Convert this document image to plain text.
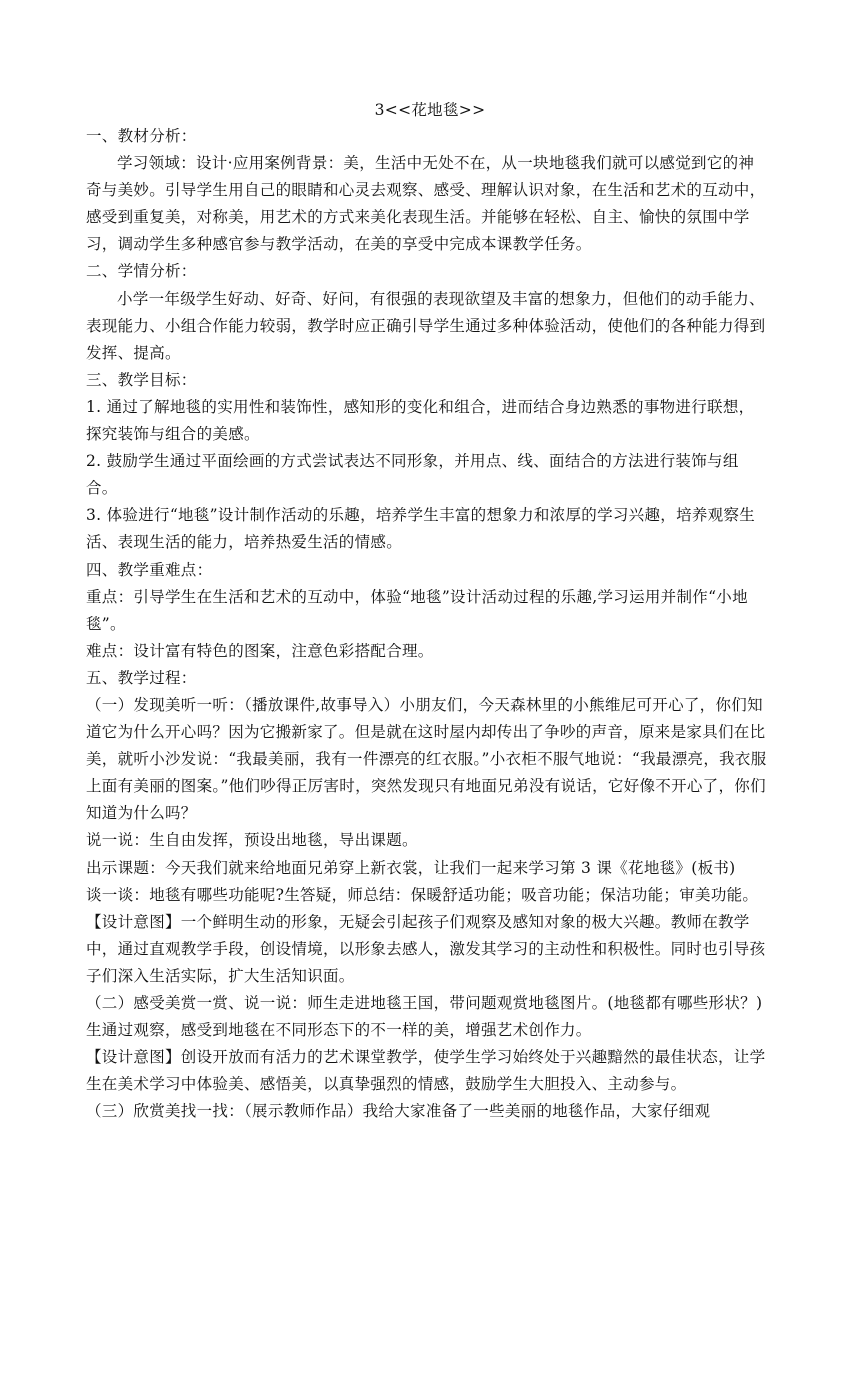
3<<花地毯>>

一、教材分析：

学习领域：设计·应用案例背景：美，生活中无处不在，从一块地毯我们就可以感觉到它的神奇与美妙。引导学生用自己的眼睛和心灵去观察、感受、理解认识对象，在生活和艺术的互动中，感受到重复美，对称美，用艺术的方式来美化表现生活。并能够在轻松、自主、愉快的氛围中学习，调动学生多种感官参与教学活动，在美的享受中完成本课教学任务。

二、学情分析：

小学一年级学生好动、好奇、好问，有很强的表现欲望及丰富的想象力，但他们的动手能力、表现能力、小组合作能力较弱，教学时应正确引导学生通过多种体验活动，使他们的各种能力得到发挥、提高。

三、教学目标：

1. 通过了解地毯的实用性和装饰性，感知形的变化和组合，进而结合身边熟悉的事物进行联想，探究装饰与组合的美感。

2. 鼓励学生通过平面绘画的方式尝试表达不同形象，并用点、线、面结合的方法进行装饰与组合。

3. 体验进行“地毯”设计制作活动的乐趣，培养学生丰富的想象力和浓厚的学习兴趣，培养观察生活、表现生活的能力，培养热爱生活的情感。

四、教学重难点：

重点：引导学生在生活和艺术的互动中，体验“地毯”设计活动过程的乐趣,学习运用并制作“小地毯”。

难点：设计富有特色的图案，注意色彩搭配合理。

五、教学过程：

（一）发现美听一听：（播放课件,故事导入）小朋友们，今天森林里的小熊维尼可开心了，你们知道它为什么开心吗？因为它搬新家了。但是就在这时屋内却传出了争吵的声音，原来是家具们在比美，就听小沙发说：“我最美丽，我有一件漂亮的红衣服。”小衣柜不服气地说：“我最漂亮，我衣服上面有美丽的图案。”他们吵得正厉害时，突然发现只有地面兄弟没有说话，它好像不开心了，你们知道为什么吗？

说一说：生自由发挥，预设出地毯，导出课题。

出示课题：今天我们就来给地面兄弟穿上新衣裳，让我们一起来学习第 3 课《花地毯》(板书)

谈一谈：地毯有哪些功能呢?生答疑，师总结：保暖舒适功能；吸音功能；保洁功能；审美功能。

【设计意图】一个鲜明生动的形象，无疑会引起孩子们观察及感知对象的极大兴趣。教师在教学中，通过直观教学手段，创设情境，以形象去感人，激发其学习的主动性和积极性。同时也引导孩子们深入生活实际，扩大生活知识面。

（二）感受美赏一赏、说一说：师生走进地毯王国，带问题观赏地毯图片。(地毯都有哪些形状？) 生通过观察，感受到地毯在不同形态下的不一样的美，增强艺术创作力。

【设计意图】创设开放而有活力的艺术课堂教学，使学生学习始终处于兴趣黯然的最佳状态，让学生在美术学习中体验美、感悟美，以真挚强烈的情感，鼓励学生大胆投入、主动参与。

（三）欣赏美找一找：（展示教师作品）我给大家准备了一些美丽的地毯作品，大家仔细观
